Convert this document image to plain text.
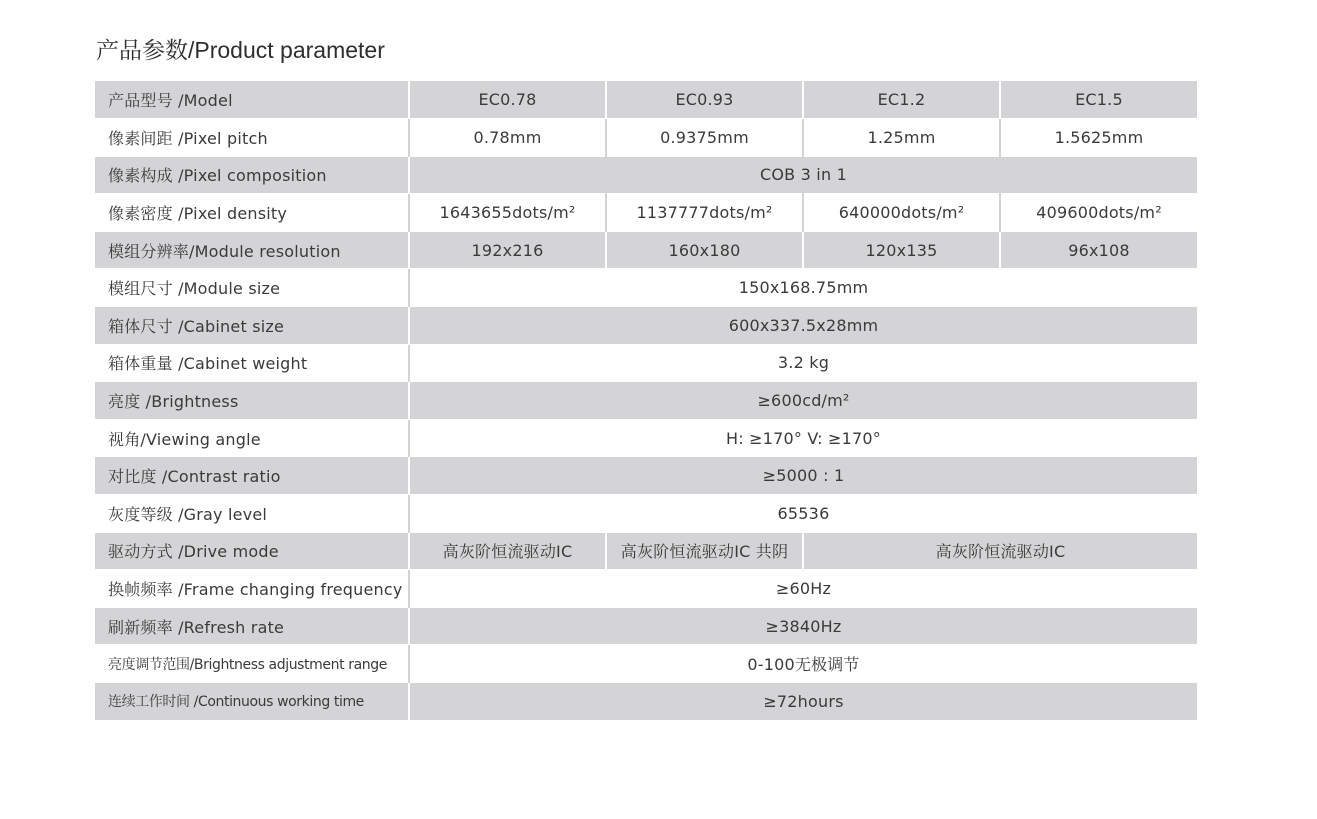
产品参数/Product parameter
产品型号 /Model	EC0.78	EC0.93	EC1.2	EC1.5
像素间距 /Pixel pitch	0.78mm	0.9375mm	1.25mm	1.5625mm
像素构成 /Pixel composition	COB 3 in 1			
像素密度 /Pixel density	1643655dots/m²	1137777dots/m²	640000dots/m²	409600dots/m²
模组分辨率/Module resolution	192x216	160x180	120x135	96x108
模组尺寸 /Module size	150x168.75mm			
箱体尺寸 /Cabinet size	600x337.5x28mm			
箱体重量 /Cabinet weight	3.2 kg			
亮度 /Brightness	≥600cd/m²			
视角/Viewing angle	H: ≥170° V: ≥170°			
对比度 /Contrast ratio	≥5000 : 1			
灰度等级 /Gray level	65536			
驱动方式 /Drive mode	高灰阶恒流驱动IC	高灰阶恒流驱动IC 共阴	高灰阶恒流驱动IC	
换帧频率 /Frame changing frequency	≥60Hz			
刷新频率 /Refresh rate	≥3840Hz			
亮度调节范围/Brightness adjustment range	0-100无极调节			
连续工作时间 /Continuous working time	≥72hours			
